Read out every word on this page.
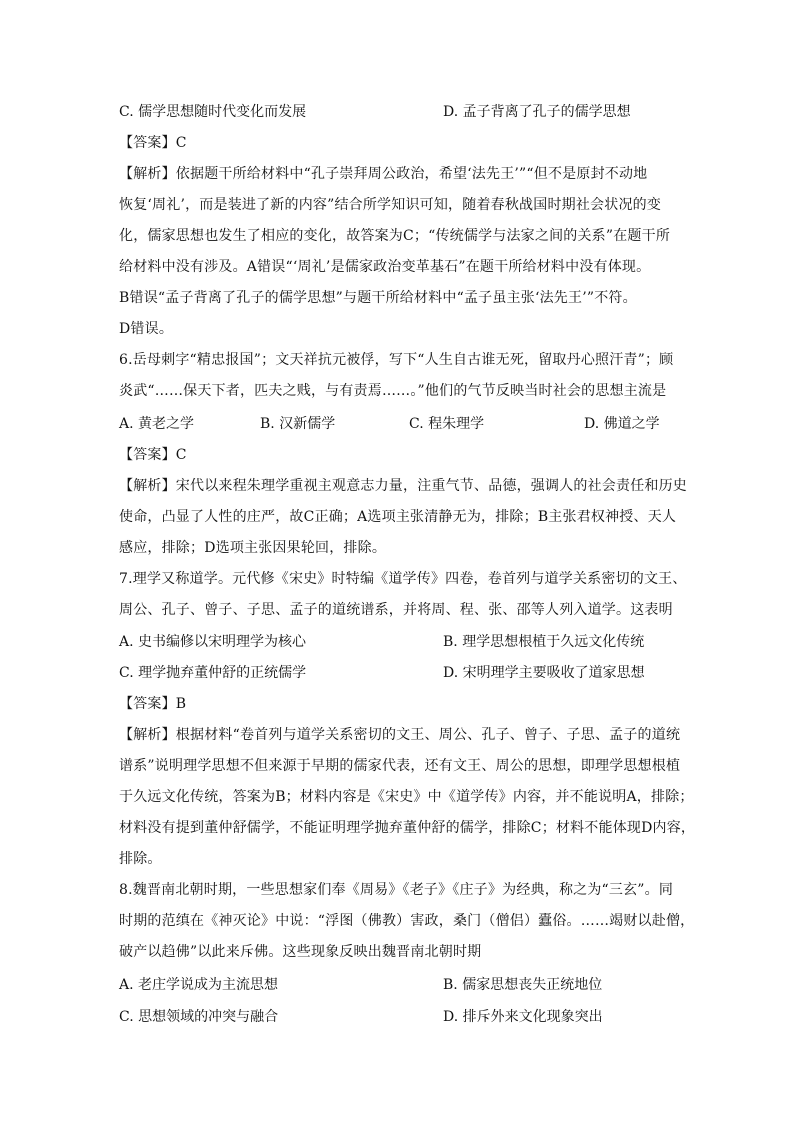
C. 儒学思想随时代变化而发展	D. 孟子背离了孔子的儒学思想
【答案】C
【解析】依据题干所给材料中“孔子崇拜周公政治，希望‘法先王’”“但不是原封不动地
恢复‘周礼’，而是装进了新的内容”结合所学知识可知，随着春秋战国时期社会状况的变
化，儒家思想也发生了相应的变化，故答案为C；“传统儒学与法家之间的关系”在题干所
给材料中没有涉及。A错误“‘周礼’是儒家政治变革基石”在题干所给材料中没有体现。
B错误“孟子背离了孔子的儒学思想”与题干所给材料中“孟子虽主张‘法先王’”不符。
D错误。
6.岳母刺字“精忠报国”；文天祥抗元被俘，写下“人生自古谁无死，留取丹心照汗青”；顾
炎武“……保天下者，匹夫之贱，与有责焉……。”他们的气节反映当时社会的思想主流是
A. 黄老之学	B. 汉新儒学	C. 程朱理学	D. 佛道之学
【答案】C
【解析】宋代以来程朱理学重视主观意志力量，注重气节、品德，强调人的社会责任和历史
使命，凸显了人性的庄严，故C正确；A选项主张清静无为，排除；B主张君权神授、天人
感应，排除；D选项主张因果轮回，排除。
7.理学又称道学。元代修《宋史》时特编《道学传》四卷，卷首列与道学关系密切的文王、
周公、孔子、曾子、子思、孟子的道统谱系，并将周、程、张、邵等人列入道学。这表明
A. 史书编修以宋明理学为核心	B. 理学思想根植于久远文化传统
C. 理学抛弃董仲舒的正统儒学	D. 宋明理学主要吸收了道家思想
【答案】B
【解析】根据材料“卷首列与道学关系密切的文王、周公、孔子、曾子、子思、孟子的道统
谱系”说明理学思想不但来源于早期的儒家代表，还有文王、周公的思想，即理学思想根植
于久远文化传统，答案为B；材料内容是《宋史》中《道学传》内容，并不能说明A，排除；
材料没有提到董仲舒儒学，不能证明理学抛弃董仲舒的儒学，排除C；材料不能体现D内容，
排除。
8.魏晋南北朝时期，一些思想家们奉《周易》《老子》《庄子》为经典，称之为“三玄”。同
时期的范缜在《神灭论》中说：“浮图（佛教）害政，桑门（僧侣）蠹俗。……竭财以赴僧，
破产以趋佛”以此来斥佛。这些现象反映出魏晋南北朝时期
A. 老庄学说成为主流思想	B. 儒家思想丧失正统地位
C. 思想领域的冲突与融合	D. 排斥外来文化现象突出
